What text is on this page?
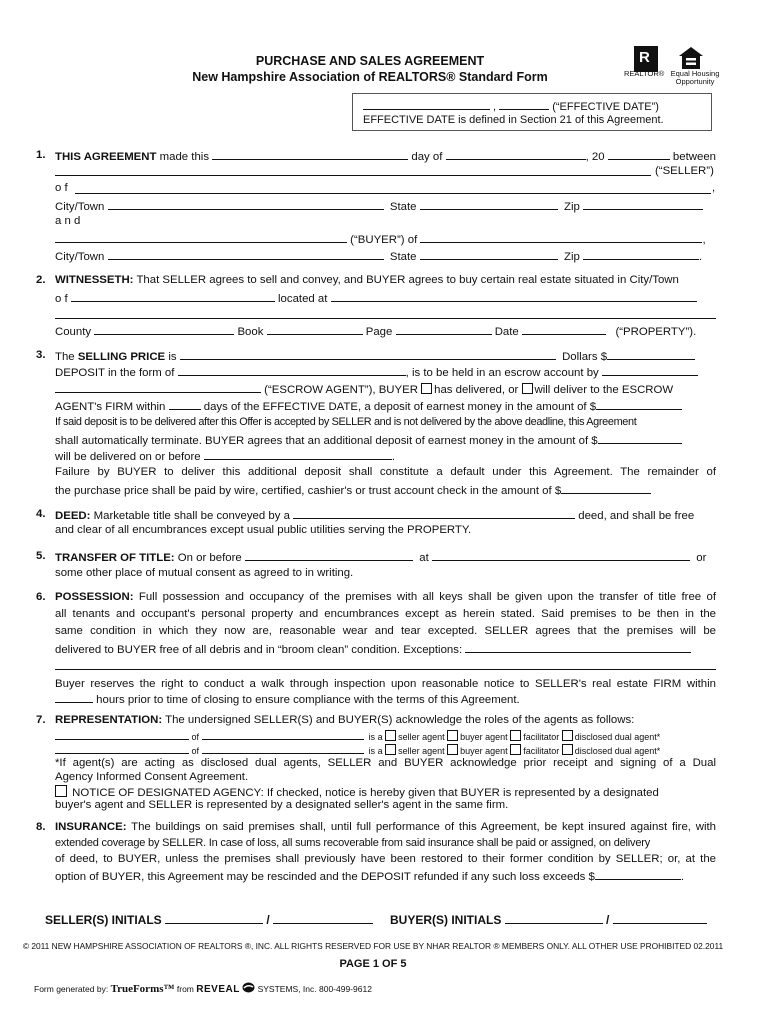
PURCHASE AND SALES AGREEMENT
New Hampshire Association of REALTORS® Standard Form
R
REALTOR® Equal Housing Opportunity
,	(“EFFECTIVE DATE”)
EFFECTIVE DATE is defined in Section 21 of this Agreement.
1. THIS AGREEMENT made this	day of	, 20	between
(“SELLER”)
o f	,
City/Town	State	Zip
a n d
(“BUYER”) of	,
City/Town	State	Zip	.
2. WITNESSETH: That SELLER agrees to sell and convey, and BUYER agrees to buy certain real estate situated in City/Town
o f	located at
County	Book	Page	Date	(“PROPERTY”).
3. The SELLING PRICE is	Dollars $
DEPOSIT in the form of	, is to be held in an escrow account by
(“ESCROW AGENT”), BUYER has delivered, or will deliver to the ESCROW
AGENT's FIRM within	days of the EFFECTIVE DATE, a deposit of earnest money in the amount of $
If said deposit is to be delivered after this Offer is accepted by SELLER and is not delivered by the above deadline, this Agreement
shall automatically terminate. BUYER agrees that an additional deposit of earnest money in the amount of $
will be delivered on or before	.
Failure by BUYER to deliver this additional deposit shall constitute a default under this Agreement. The remainder of
the purchase price shall be paid by wire, certified, cashier's or trust account check in the amount of $
4. DEED: Marketable title shall be conveyed by a	deed, and shall be free
and clear of all encumbrances except usual public utilities serving the PROPERTY.
5. TRANSFER OF TITLE: On or before	at	or
some other place of mutual consent as agreed to in writing.
6. POSSESSION: Full possession and occupancy of the premises with all keys shall be given upon the transfer of title free of
all tenants and occupant's personal property and encumbrances except as herein stated. Said premises to be then in the
same condition in which they now are, reasonable wear and tear excepted. SELLER agrees that the premises will be
delivered to BUYER free of all debris and in “broom clean” condition. Exceptions:
Buyer reserves the right to conduct a walk through inspection upon reasonable notice to SELLER's real estate FIRM within
hours prior to time of closing to ensure compliance with the terms of this Agreement.
7. REPRESENTATION: The undersigned SELLER(S) and BUYER(S) acknowledge the roles of the agents as follows:
of	is a seller agent buyer agent facilitator disclosed dual agent*
of	is a seller agent buyer agent facilitator disclosed dual agent*
*If agent(s) are acting as disclosed dual agents, SELLER and BUYER acknowledge prior receipt and signing of a Dual
Agency Informed Consent Agreement.
NOTICE OF DESIGNATED AGENCY: If checked, notice is hereby given that BUYER is represented by a designated
buyer's agent and SELLER is represented by a designated seller's agent in the same firm.
8. INSURANCE: The buildings on said premises shall, until full performance of this Agreement, be kept insured against fire, with
extended coverage by SELLER. In case of loss, all sums recoverable from said insurance shall be paid or assigned, on delivery
of deed, to BUYER, unless the premises shall previously have been restored to their former condition by SELLER; or, at the
option of BUYER, this Agreement may be rescinded and the DEPOSIT refunded if any such loss exceeds $	.
SELLER(S) INITIALS	/	BUYER(S) INITIALS	/
© 2011 NEW HAMPSHIRE ASSOCIATION OF REALTORS ®, INC. ALL RIGHTS RESERVED FOR USE BY NHAR REALTOR ® MEMBERS ONLY. ALL OTHER USE PROHIBITED 02.2011
PAGE 1 OF 5
Form generated by: TrueForms™ from REVEAL SYSTEMS, Inc. 800-499-9612
